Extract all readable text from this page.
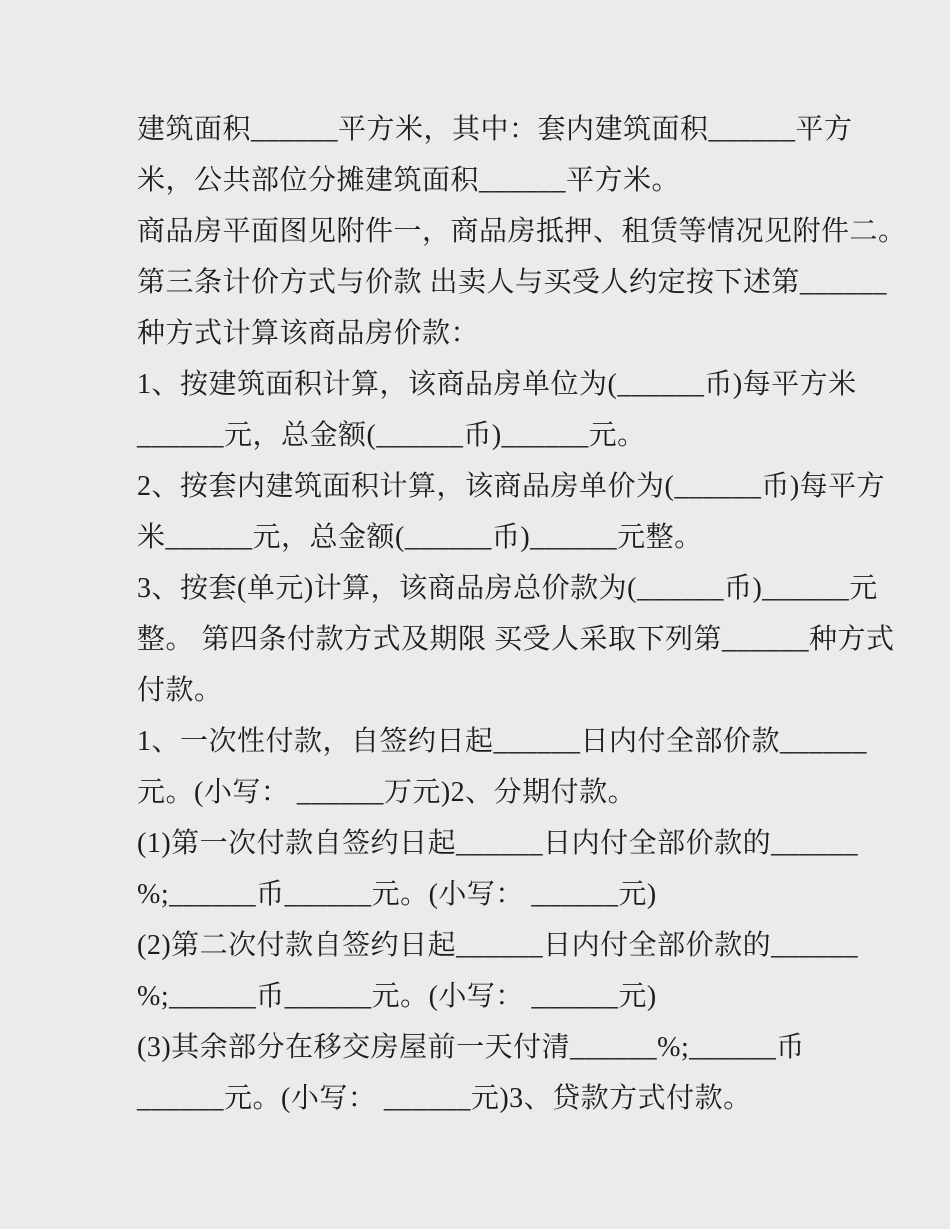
建筑面积______平方米，其中：套内建筑面积______平方

米，公共部位分摊建筑面积______平方米。

商品房平面图见附件一，商品房抵押、租赁等情况见附件二。

第三条计价方式与价款 出卖人与买受人约定按下述第______

种方式计算该商品房价款：

1、按建筑面积计算，该商品房单位为(______币)每平方米

______元，总金额(______币)______元。

2、按套内建筑面积计算，该商品房单价为(______币)每平方

米______元，总金额(______币)______元整。

3、按套(单元)计算，该商品房总价款为(______币)______元

整。 第四条付款方式及期限 买受人采取下列第______种方式

付款。

1、一次性付款，自签约日起______日内付全部价款______

元。(小写： ______万元)2、分期付款。

(1)第一次付款自签约日起______日内付全部价款的______

%;______币______元。(小写： ______元)

(2)第二次付款自签约日起______日内付全部价款的______

%;______币______元。(小写： ______元)

(3)其余部分在移交房屋前一天付清______%;______币

______元。(小写： ______元)3、贷款方式付款。
